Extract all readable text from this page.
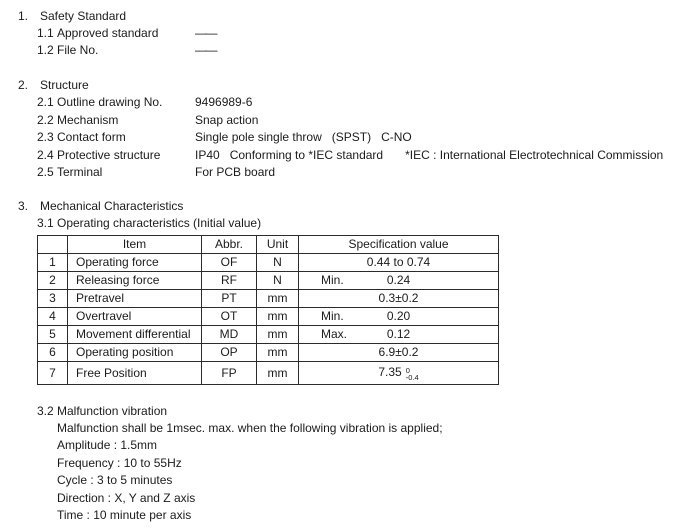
1. Safety Standard
1.1 Approved standard	——
1.2 File No.	——
2. Structure
2.1 Outline drawing No.	9496989-6
2.2 Mechanism	Snap action
2.3 Contact form	Single pole single throw   (SPST)   C-NO
2.4 Protective structure	IP40   Conforming to *IEC standard *IEC : International Electrotechnical Commission
2.5 Terminal	For PCB board
3. Mechanical Characteristics
3.1 Operating characteristics (Initial value)
	Item	Abbr.	Unit	Specification value
1	Operating force	OF	N	0.44 to 0.74
2	Releasing force	RF	N	Min. 0.24
3	Pretravel	PT	mm	0.3±0.2
4	Overtravel	OT	mm	Min. 0.20
5	Movement differential	MD	mm	Max. 0.12
6	Operating position	OP	mm	6.9±0.2
7	Free Position	FP	mm	7.35 0
-0.4
3.2 Malfunction vibration
Malfunction shall be 1msec. max. when the following vibration is applied;
Amplitude : 1.5mm
Frequency : 10 to 55Hz
Cycle : 3 to 5 minutes
Direction : X, Y and Z axis
Time : 10 minute per axis
